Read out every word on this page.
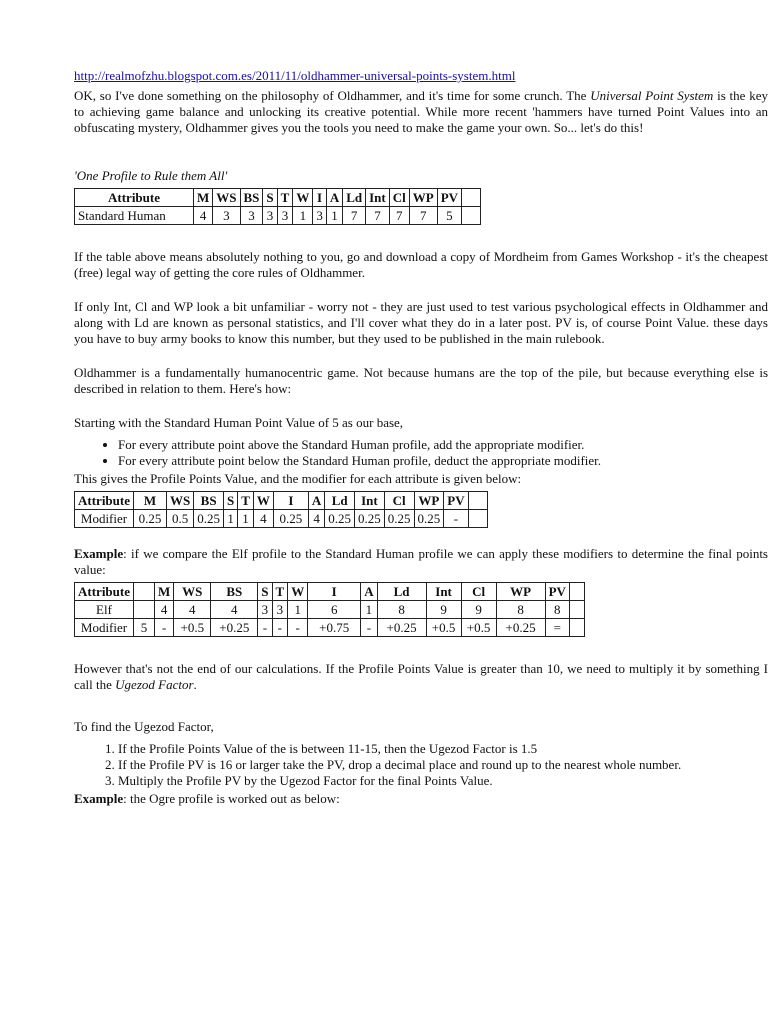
http://realmofzhu.blogspot.com.es/2011/11/oldhammer-universal-points-system.html

OK, so I've done something on the philosophy of Oldhammer, and it's time for some crunch. The Universal Point System is the key to achieving game balance and unlocking its creative potential. While more recent 'hammers have turned Point Values into an obfuscating mystery, Oldhammer gives you the tools you need to make the game your own. So... let's do this!

'One Profile to Rule them All'

Attribute	M	WS	BS	S	T	W	I	A	Ld	Int	Cl	WP	PV	
Standard Human	4	3	3	3	3	1	3	1	7	7	7	7	5	

If the table above means absolutely nothing to you, go and download a copy of Mordheim from Games Workshop - it's the cheapest (free) legal way of getting the core rules of Oldhammer.

If only Int, Cl and WP look a bit unfamiliar - worry not - they are just used to test various psychological effects in Oldhammer and along with Ld are known as personal statistics, and I'll cover what they do in a later post. PV is, of course Point Value. these days you have to buy army books to know this number, but they used to be published in the main rulebook.

Oldhammer is a fundamentally humanocentric game. Not because humans are the top of the pile, but because everything else is described in relation to them. Here's how:

Starting with the Standard Human Point Value of 5 as our base,

• For every attribute point above the Standard Human profile, add the appropriate modifier.
• For every attribute point below the Standard Human profile, deduct the appropriate modifier.

This gives the Profile Points Value, and the modifier for each attribute is given below:

Attribute	M	WS	BS	S	T	W	I	A	Ld	Int	Cl	WP	PV	
Modifier	0.25	0.5	0.25	1	1	4	0.25	4	0.25	0.25	0.25	0.25	-	

Example: if we compare the Elf profile to the Standard Human profile we can apply these modifiers to determine the final points value:

Attribute		M	WS	BS	S	T	W	I	A	Ld	Int	Cl	WP	PV	
Elf		4	4	4	3	3	1	6	1	8	9	9	8	8	
Modifier	5	-	+0.5	+0.25	-	-	-	+0.75	-	+0.25	+0.5	+0.5	+0.25	=	

However that's not the end of our calculations. If the Profile Points Value is greater than 10, we need to multiply it by something I call the Ugezod Factor.

To find the Ugezod Factor,

1. If the Profile Points Value of the is between 11-15, then the Ugezod Factor is 1.5
2. If the Profile PV is 16 or larger take the PV, drop a decimal place and round up to the nearest whole number.
3. Multiply the Profile PV by the Ugezod Factor for the final Points Value.

Example: the Ogre profile is worked out as below:
